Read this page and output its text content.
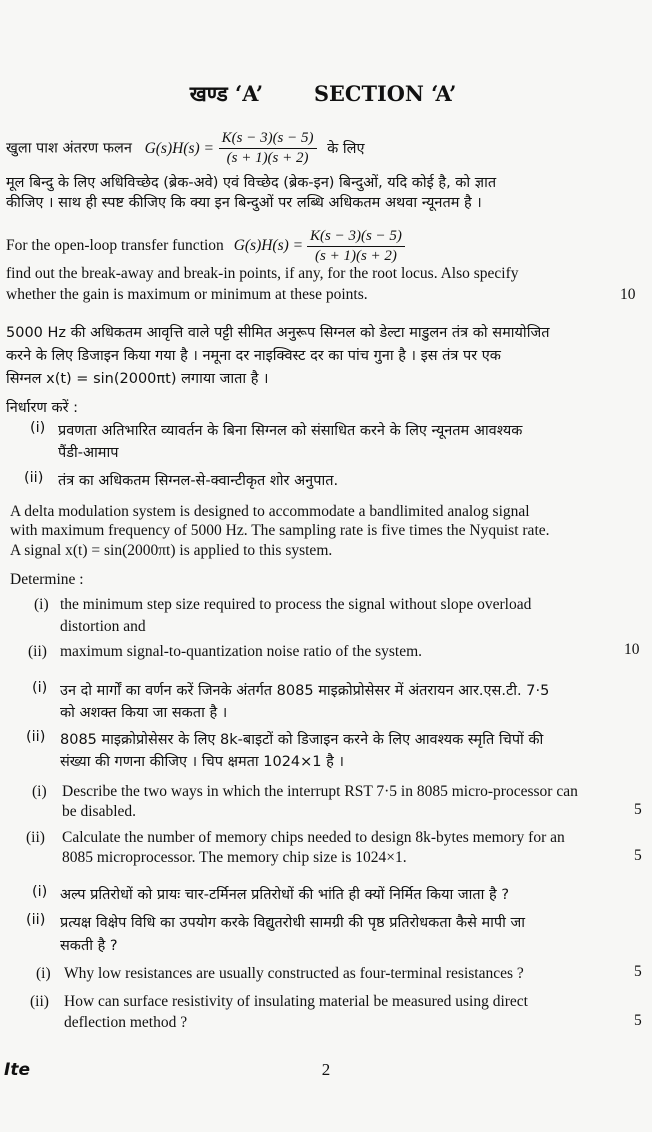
खण्ड ‘A’ SECTION ‘A’
खुला पाश अंतरण फलन $G(s)H(s) = \frac{K(s - 3)(s - 5)}{(s + 1)(s + 2)}$ के लिए
मूल बिन्दु के लिए अधिविच्छेद (ब्रेक-अवे) एवं विच्छेद (ब्रेक-इन) बिन्दुओं, यदि कोई है, को ज्ञात
कीजिए । साथ ही स्पष्ट कीजिए कि क्या इन बिन्दुओं पर लब्धि अधिकतम अथवा न्यूनतम है ।
For the open-loop transfer function $G(s)H(s) = \frac{K(s - 3)(s - 5)}{(s + 1)(s + 2)}$
find out the break-away and break-in points, if any, for the root locus. Also specify
whether the gain is maximum or minimum at these points.	10
5000 Hz की अधिकतम आवृत्ति वाले पट्टी सीमित अनुरूप सिग्नल को डेल्टा माडुलन तंत्र को समायोजित
करने के लिए डिजाइन किया गया है । नमूना दर नाइक्विस्ट दर का पांच गुना है । इस तंत्र पर एक
सिग्नल x(t) = sin(2000πt) लगाया जाता है ।
निर्धारण करें :
(i) प्रवणता अतिभारित व्यावर्तन के बिना सिग्नल को संसाधित करने के लिए न्यूनतम आवश्यक
पैंडी-आमाप
(ii) तंत्र का अधिकतम सिग्नल-से-क्वान्टीकृत शोर अनुपात.
A delta modulation system is designed to accommodate a bandlimited analog signal
with maximum frequency of 5000 Hz. The sampling rate is five times the Nyquist rate.
A signal x(t) = sin(2000πt) is applied to this system.
Determine :
(i) the minimum step size required to process the signal without slope overload
distortion and
(ii) maximum signal-to-quantization noise ratio of the system.	10
(i) उन दो मार्गों का वर्णन करें जिनके अंतर्गत 8085 माइक्रोप्रोसेसर में अंतरायन आर.एस.टी. 7·5
को अशक्त किया जा सकता है ।
(ii) 8085 माइक्रोप्रोसेसर के लिए 8k-बाइटों को डिजाइन करने के लिए आवश्यक स्मृति चिपों की
संख्या की गणना कीजिए । चिप क्षमता 1024×1 है ।
(i) Describe the two ways in which the interrupt RST 7·5 in 8085 micro-processor can
be disabled.	5
(ii) Calculate the number of memory chips needed to design 8k-bytes memory for an
8085 microprocessor. The memory chip size is 1024×1.	5
(i) अल्प प्रतिरोधों को प्रायः चार-टर्मिनल प्रतिरोधों की भांति ही क्यों निर्मित किया जाता है ?
(ii) प्रत्यक्ष विक्षेप विधि का उपयोग करके विद्युतरोधी सामग्री की पृष्ठ प्रतिरोधकता कैसे मापी जा
सकती है ?
(i) Why low resistances are usually constructed as four-terminal resistances ?	5
(ii) How can surface resistivity of insulating material be measured using direct
deflection method ?	5
Ite	2
